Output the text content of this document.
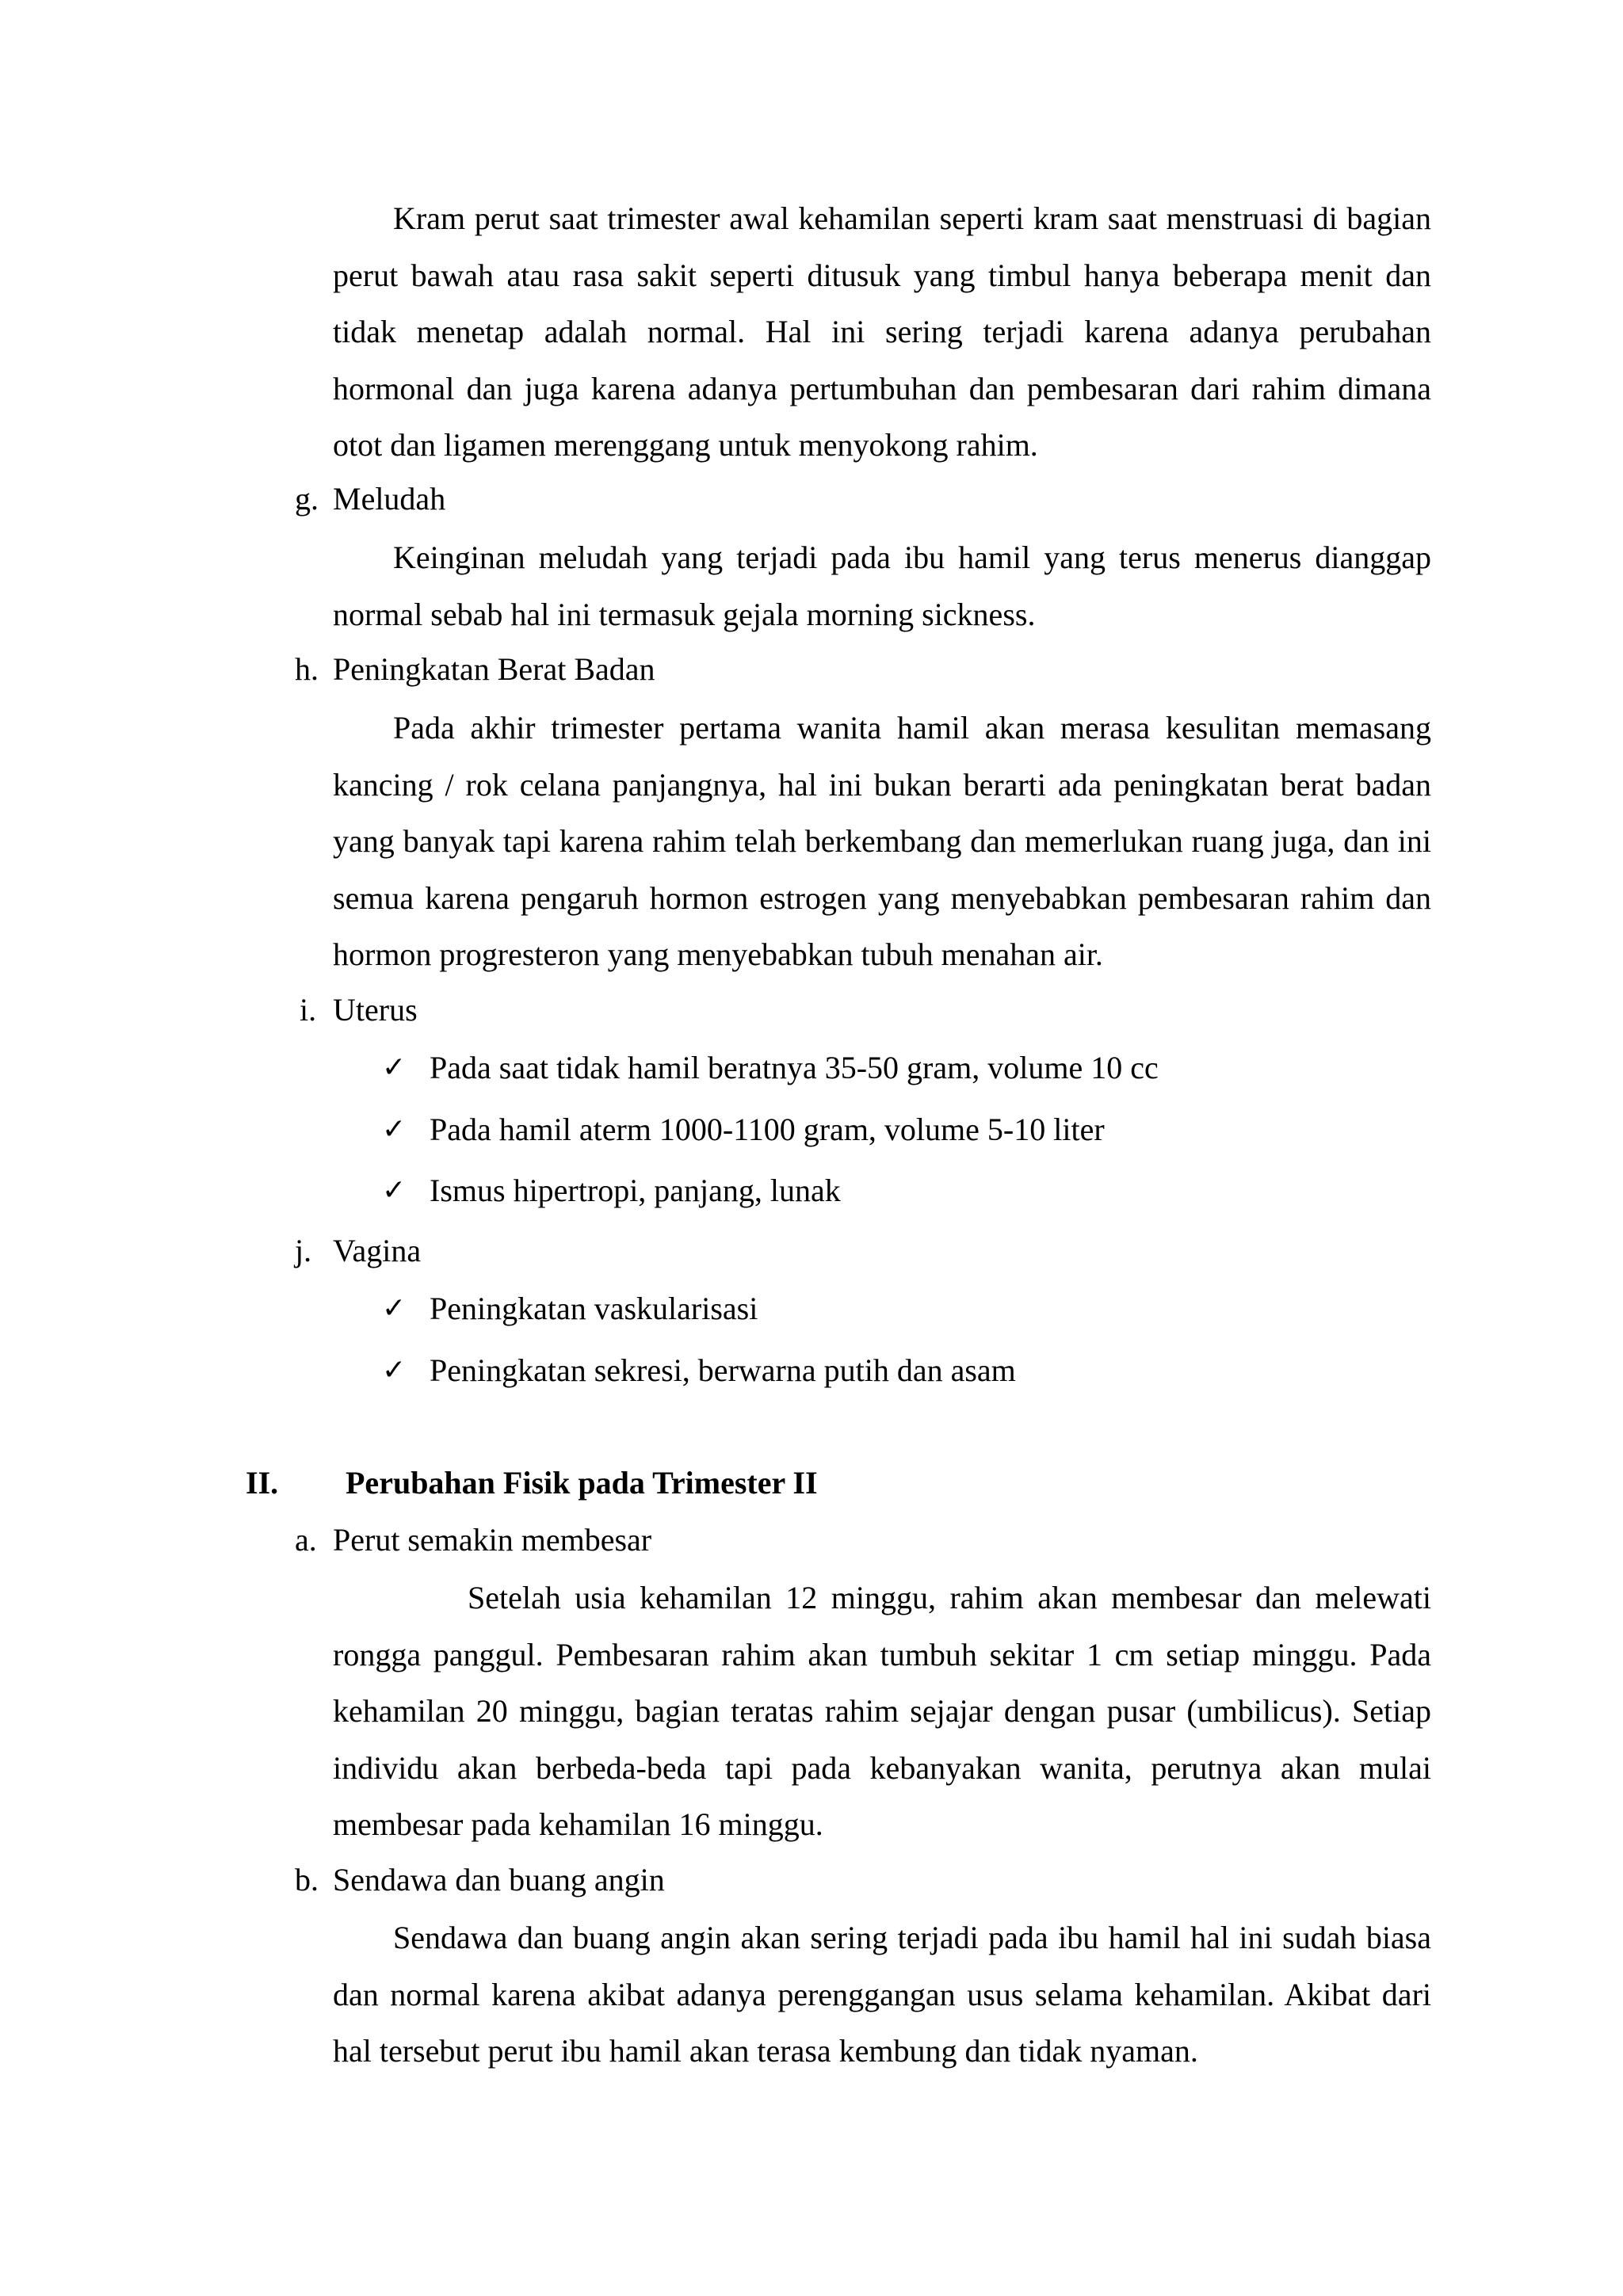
Kram perut saat trimester awal kehamilan seperti kram saat menstruasi di bagian perut bawah atau rasa sakit seperti ditusuk yang timbul hanya beberapa menit dan tidak menetap adalah normal. Hal ini sering terjadi karena adanya perubahan hormonal dan juga karena adanya pertumbuhan dan pembesaran dari rahim dimana otot dan ligamen merenggang untuk menyokong rahim.
g. Meludah
Keinginan meludah yang terjadi pada ibu hamil yang terus menerus dianggap normal sebab hal ini termasuk gejala morning sickness.
h. Peningkatan Berat Badan
Pada akhir trimester pertama wanita hamil akan merasa kesulitan memasang kancing / rok celana panjangnya, hal ini bukan berarti ada peningkatan berat badan yang banyak tapi karena rahim telah berkembang dan memerlukan ruang juga, dan ini semua karena pengaruh hormon estrogen yang menyebabkan pembesaran rahim dan hormon progresteron yang menyebabkan tubuh menahan air.
i. Uterus
✓ Pada saat tidak hamil beratnya 35-50 gram, volume 10 cc
✓ Pada hamil aterm 1000-1100 gram, volume 5-10 liter
✓ Ismus hipertropi, panjang, lunak
j. Vagina
✓ Peningkatan vaskularisasi
✓ Peningkatan sekresi, berwarna putih dan asam
II. Perubahan Fisik pada Trimester II
a. Perut semakin membesar
Setelah usia kehamilan 12 minggu, rahim akan membesar dan melewati rongga panggul. Pembesaran rahim akan tumbuh sekitar 1 cm setiap minggu. Pada kehamilan 20 minggu, bagian teratas rahim sejajar dengan pusar (umbilicus). Setiap individu akan berbeda-beda tapi pada kebanyakan wanita, perutnya akan mulai membesar pada kehamilan 16 minggu.
b. Sendawa dan buang angin
Sendawa dan buang angin akan sering terjadi pada ibu hamil hal ini sudah biasa dan normal karena akibat adanya perenggangan usus selama kehamilan. Akibat dari hal tersebut perut ibu hamil akan terasa kembung dan tidak nyaman.
